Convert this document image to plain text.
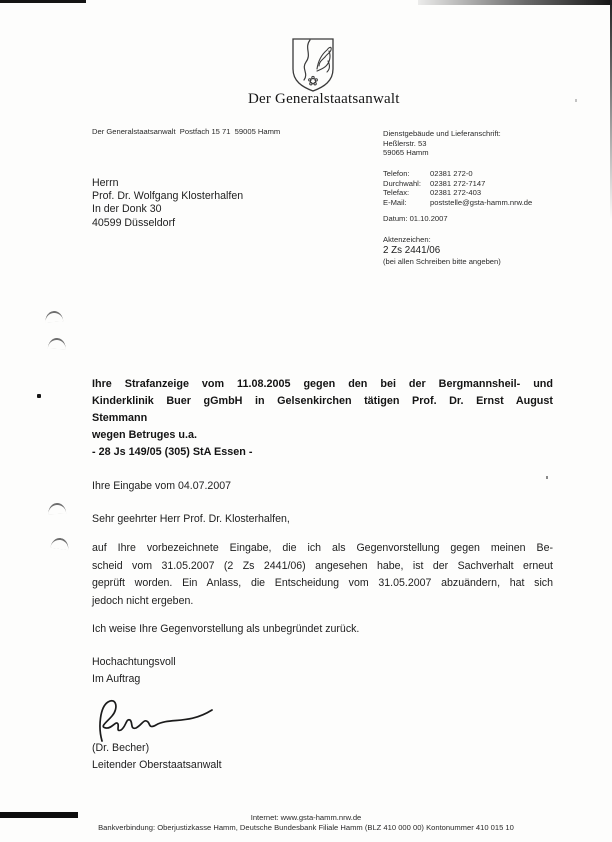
Der Generalstaatsanwalt
Der Generalstaatsanwalt  Postfach 15 71  59005 Hamm
Herrn
Prof. Dr. Wolfgang Klosterhalfen
In der Donk 30
40599 Düsseldorf
Dienstgebäude und Lieferanschrift:
Heßlerstr. 53
59065 Hamm
Telefon:	02381 272-0
Durchwahl:	02381 272-7147
Telefax:	02381 272-403
E-Mail:	poststelle@gsta-hamm.nrw.de
Datum: 01.10.2007
Aktenzeichen:
2 Zs 2441/06
(bei allen Schreiben bitte angeben)
Ihre Strafanzeige vom 11.08.2005 gegen den bei der Bergmannsheil- und
Kinderklinik Buer gGmbH in Gelsenkirchen tätigen Prof. Dr. Ernst August
Stemmann
wegen Betruges u.a.
- 28 Js 149/05 (305) StA Essen -
Ihre Eingabe vom 04.07.2007
Sehr geehrter Herr Prof. Dr. Klosterhalfen,
auf Ihre vorbezeichnete Eingabe, die ich als Gegenvorstellung gegen meinen Be-
scheid vom 31.05.2007 (2 Zs 2441/06) angesehen habe, ist der Sachverhalt erneut
geprüft worden. Ein Anlass, die Entscheidung vom 31.05.2007 abzuändern, hat sich
jedoch nicht ergeben.
Ich weise Ihre Gegenvorstellung als unbegründet zurück.
Hochachtungsvoll
Im Auftrag
(Dr. Becher)
Leitender Oberstaatsanwalt
Internet: www.gsta-hamm.nrw.de
Bankverbindung: Oberjustizkasse Hamm, Deutsche Bundesbank Filiale Hamm (BLZ 410 000 00) Kontonummer 410 015 10
